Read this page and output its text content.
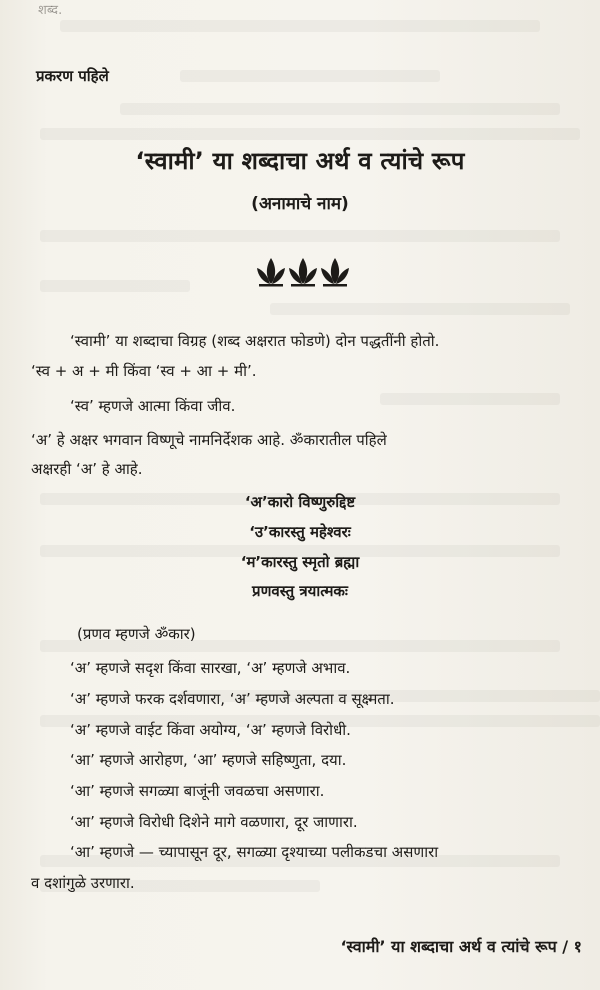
शब्द.
प्रकरण पहिले
‘स्वामी’ या शब्दाचा अर्थ व त्यांचे रूप
(अनामाचे नाम)
‘स्वामी’ या शब्दाचा विग्रह (शब्द अक्षरात फोडणे) दोन पद्धतींनी होतो.
‘स्व + अ + मी किंवा ‘स्व + आ + मी’.
‘स्व’ म्हणजे आत्मा किंवा जीव.
‘अ’ हे अक्षर भगवान विष्णूचे नामनिर्देशक आहे. ॐकारातील पहिले
अक्षरही ‘अ’ हे आहे.
‘अ’कारो विष्णुरुद्दिष्ट
‘उ’कारस्तु महेश्वरः
‘म’कारस्तु स्मृतो ब्रह्मा
प्रणवस्तु त्रयात्मकः
(प्रणव म्हणजे ॐकार)
‘अ’ म्हणजे सदृश किंवा सारखा, ‘अ’ म्हणजे अभाव.
‘अ’ म्हणजे फरक दर्शवणारा, ‘अ’ म्हणजे अल्पता व सूक्ष्मता.
‘अ’ म्हणजे वाईट किंवा अयोग्य, ‘अ’ म्हणजे विरोधी.
‘आ’ म्हणजे आरोहण, ‘आ’ म्हणजे सहिष्णुता, दया.
‘आ’ म्हणजे सगळ्या बाजूंनी जवळचा असणारा.
‘आ’ म्हणजे विरोधी दिशेने मागे वळणारा, दूर जाणारा.
‘आ’ म्हणजे — च्यापासून दूर, सगळ्या दृश्याच्या पलीकडचा असणारा
व दशांगुळे उरणारा.
‘स्वामी’ या शब्दाचा अर्थ व त्यांचे रूप / १
